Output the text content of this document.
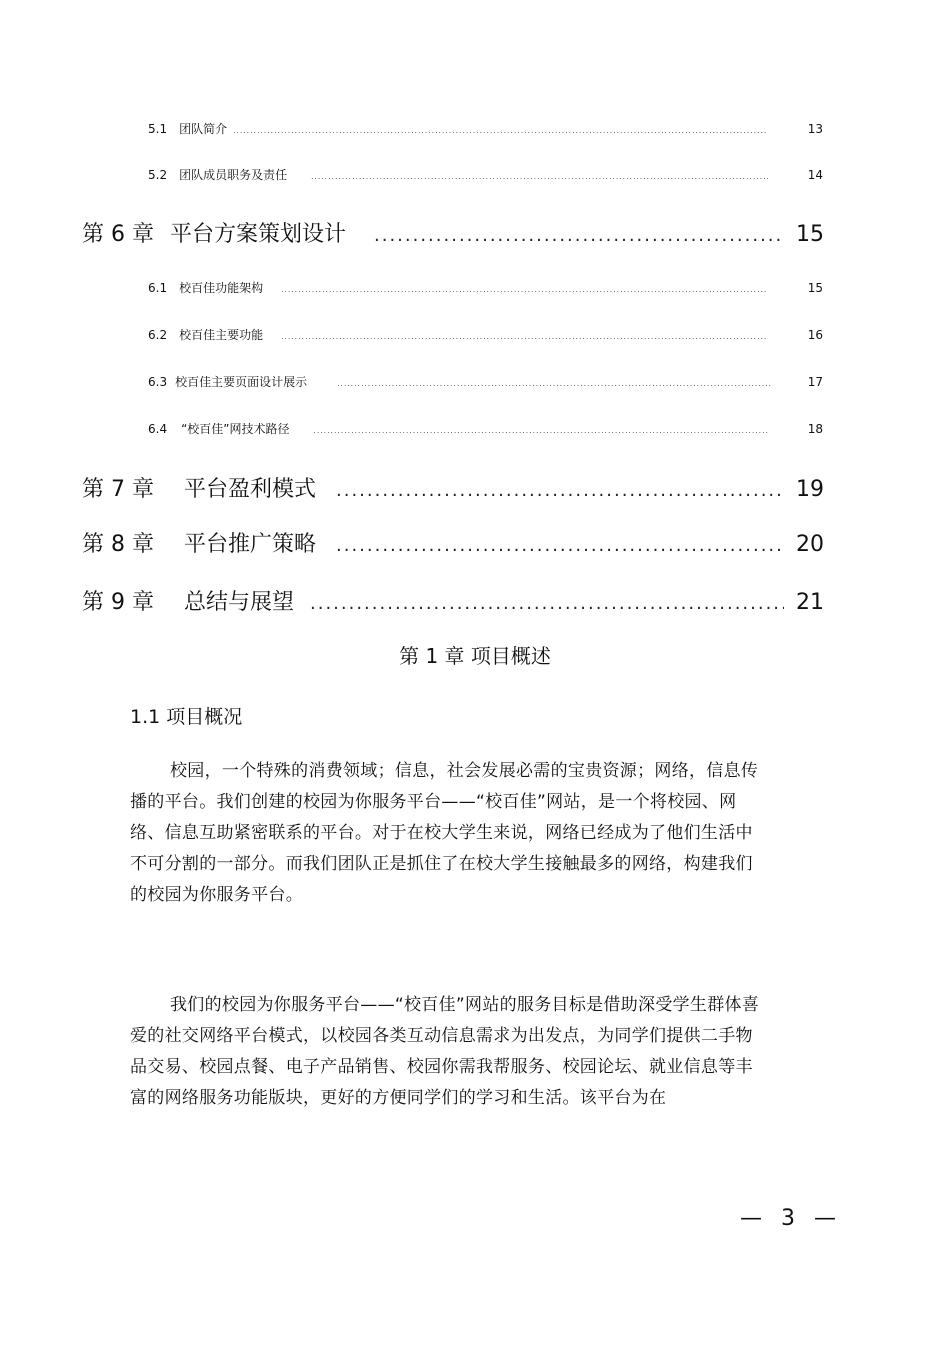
5.1 团队简介 .....	13
5.2 团队成员职务及责任 .....	14
第 6 章 平台方案策划设计 .....	15
6.1 校百佳功能架构 .....	15
6.2 校百佳主要功能 .....	16
6.3 校百佳主要页面设计展示 .....	17
6.4 “校百佳”网技术路径 .....	18
第 7 章 平台盈利模式 .....	19
第 8 章 平台推广策略 .....	20
第 9 章 总结与展望 .....	21
第 1 章 项目概述
1.1 项目概况

校园，一个特殊的消费领域；信息，社会发展必需的宝贵资源；网络，信息传播的平台。我们创建的校园为你服务平台——“校百佳”网站，是一个将校园、网络、信息互助紧密联系的平台。对于在校大学生来说，网络已经成为了他们生活中不可分割的一部分。而我们团队正是抓住了在校大学生接触最多的网络，构建我们的校园为你服务平台。

我们的校园为你服务平台——“校百佳”网站的服务目标是借助深受学生群体喜爱的社交网络平台模式，以校园各类互动信息需求为出发点，为同学们提供二手物品交易、校园点餐、电子产品销售、校园你需我帮服务、校园论坛、就业信息等丰富的网络服务功能版块，更好的方便同学们的学习和生活。该平台为在

— 3 —
